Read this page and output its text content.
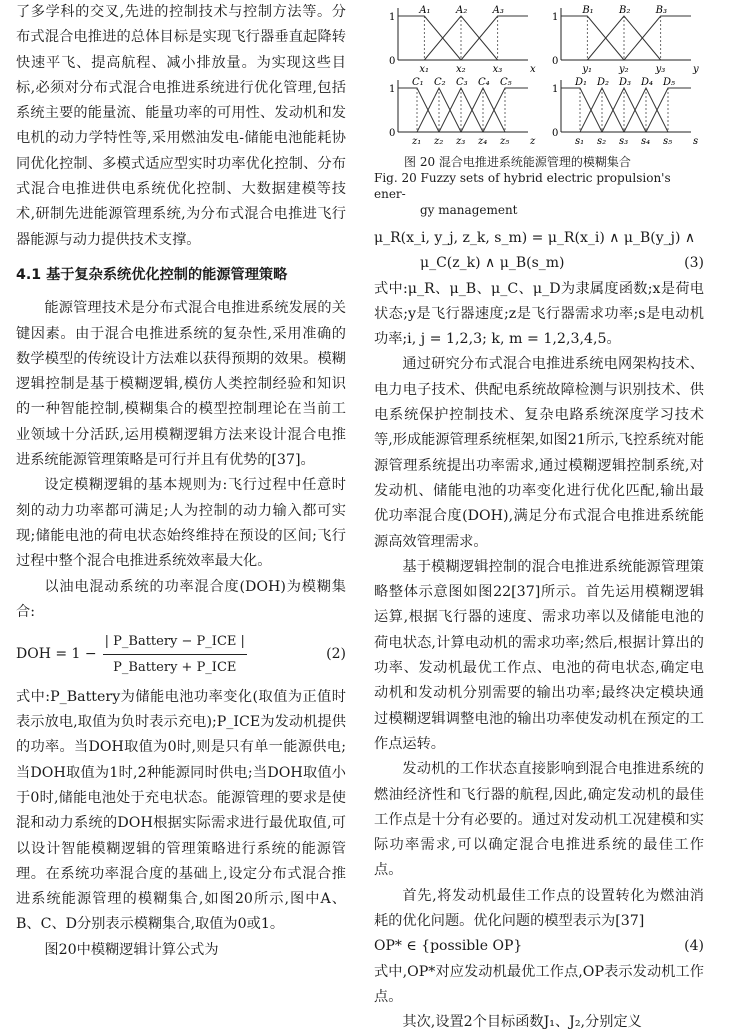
了多学科的交叉,先进的控制技术与控制方法等。分布式混合电推进的总体目标是实现飞行器垂直起降转快速平飞、提高航程、减小排放量。为实现这些目标,必须对分布式混合电推进系统进行优化管理,包括系统主要的能量流、能量功率的可用性、发动机和发电机的动力学特性等,采用燃油发电-储能电池能耗协同优化控制、多模式适应型实时功率优化控制、分布式混合电推进供电系统优化控制、大数据建模等技术,研制先进能源管理系统,为分布式混合电推进飞行器能源与动力提供技术支撑。

4.1 基于复杂系统优化控制的能源管理策略

能源管理技术是分布式混合电推进系统发展的关键因素。由于混合电推进系统的复杂性,采用准确的数学模型的传统设计方法难以获得预期的效果。模糊逻辑控制是基于模糊逻辑,模仿人类控制经验和知识的一种智能控制,模糊集合的模型控制理论在当前工业领域十分活跃,运用模糊逻辑方法来设计混合电推进系统能源管理策略是可行并且有优势的[37]。

设定模糊逻辑的基本规则为:飞行过程中任意时刻的动力功率都可满足;人为控制的动力输入都可实现;储能电池的荷电状态始终维持在预设的区间;飞行过程中整个混合电推进系统效率最大化。

以油电混动系统的功率混合度(DOH)为模糊集合:

DOH = $1 - \frac{\text{| P\_Battery − P\_ICE |}}{\text{P\_Battery + P\_ICE}}$	(2)

式中:P_Battery为储能电池功率变化(取值为正值时表示放电,取值为负时表示充电);P_ICE为发动机提供的功率。当DOH取值为0时,则是只有单一能源供电;当DOH取值为1时,2种能源同时供电;当DOH取值小于0时,储能电池处于充电状态。能源管理的要求是使混和动力系统的DOH根据实际需求进行最优取值,可以设计智能模糊逻辑的管理策略进行系统的能源管理。在系统功率混合度的基础上,设定分布式混合推进系统能源管理的模糊集合,如图20所示,图中A、B、C、D分别表示模糊集合,取值为0或1。

图20中模糊逻辑计算公式为

1
0
A₁
x₁
A₂
x₂
A₃
x₃	x
1
0
B₁
y₁
B₂
y₂
B₃
y₃	y
1
0
C₁
z₁
C₂
z₂
C₃
z₃
C₄
z₄
C₅
z₅ z
1
0
D₁
s₁
D₂
s₂
D₃
s₃
D₄
s₄
D₅
s₅ s
图 20 混合电推进系统能源管理的模糊集合
Fig. 20 Fuzzy sets of hybrid electric propulsion's ener-
gy management
μ_R(x_i, y_j, z_k, s_m) = μ_R(x_i) ∧ μ_B(y_j) ∧
μ_C(z_k) ∧ μ_B(s_m)	(3)

式中:μ_R、μ_B、μ_C、μ_D为隶属度函数;x是荷电状态;y是飞行器速度;z是飞行器需求功率;s是电动机功率;i, j = 1,2,3; k, m = 1,2,3,4,5。

通过研究分布式混合电推进系统电网架构技术、电力电子技术、供配电系统故障检测与识别技术、供电系统保护控制技术、复杂电路系统深度学习技术等,形成能源管理系统框架,如图21所示,飞控系统对能源管理系统提出功率需求,通过模糊逻辑控制系统,对发动机、储能电池的功率变化进行优化匹配,输出最优功率混合度(DOH),满足分布式混合电推进系统能源高效管理需求。

基于模糊逻辑控制的混合电推进系统能源管理策略整体示意图如图22[37]所示。首先运用模糊逻辑运算,根据飞行器的速度、需求功率以及储能电池的荷电状态,计算电动机的需求功率;然后,根据计算出的功率、发动机最优工作点、电池的荷电状态,确定电动机和发动机分别需要的输出功率;最终决定模块通过模糊逻辑调整电池的输出功率使发动机在预定的工作点运转。

发动机的工作状态直接影响到混合电推进系统的燃油经济性和飞行器的航程,因此,确定发动机的最佳工作点是十分有必要的。通过对发动机工况建模和实际功率需求,可以确定混合电推进系统的最佳工作点。

首先,将发动机最佳工作点的设置转化为燃油消耗的优化问题。优化问题的模型表示为[37]

OP* ∈ {possible OP}	(4)

式中,OP*对应发动机最优工作点,OP表示发动机工作点。

其次,设置2个目标函数J₁、J₂,分别定义
